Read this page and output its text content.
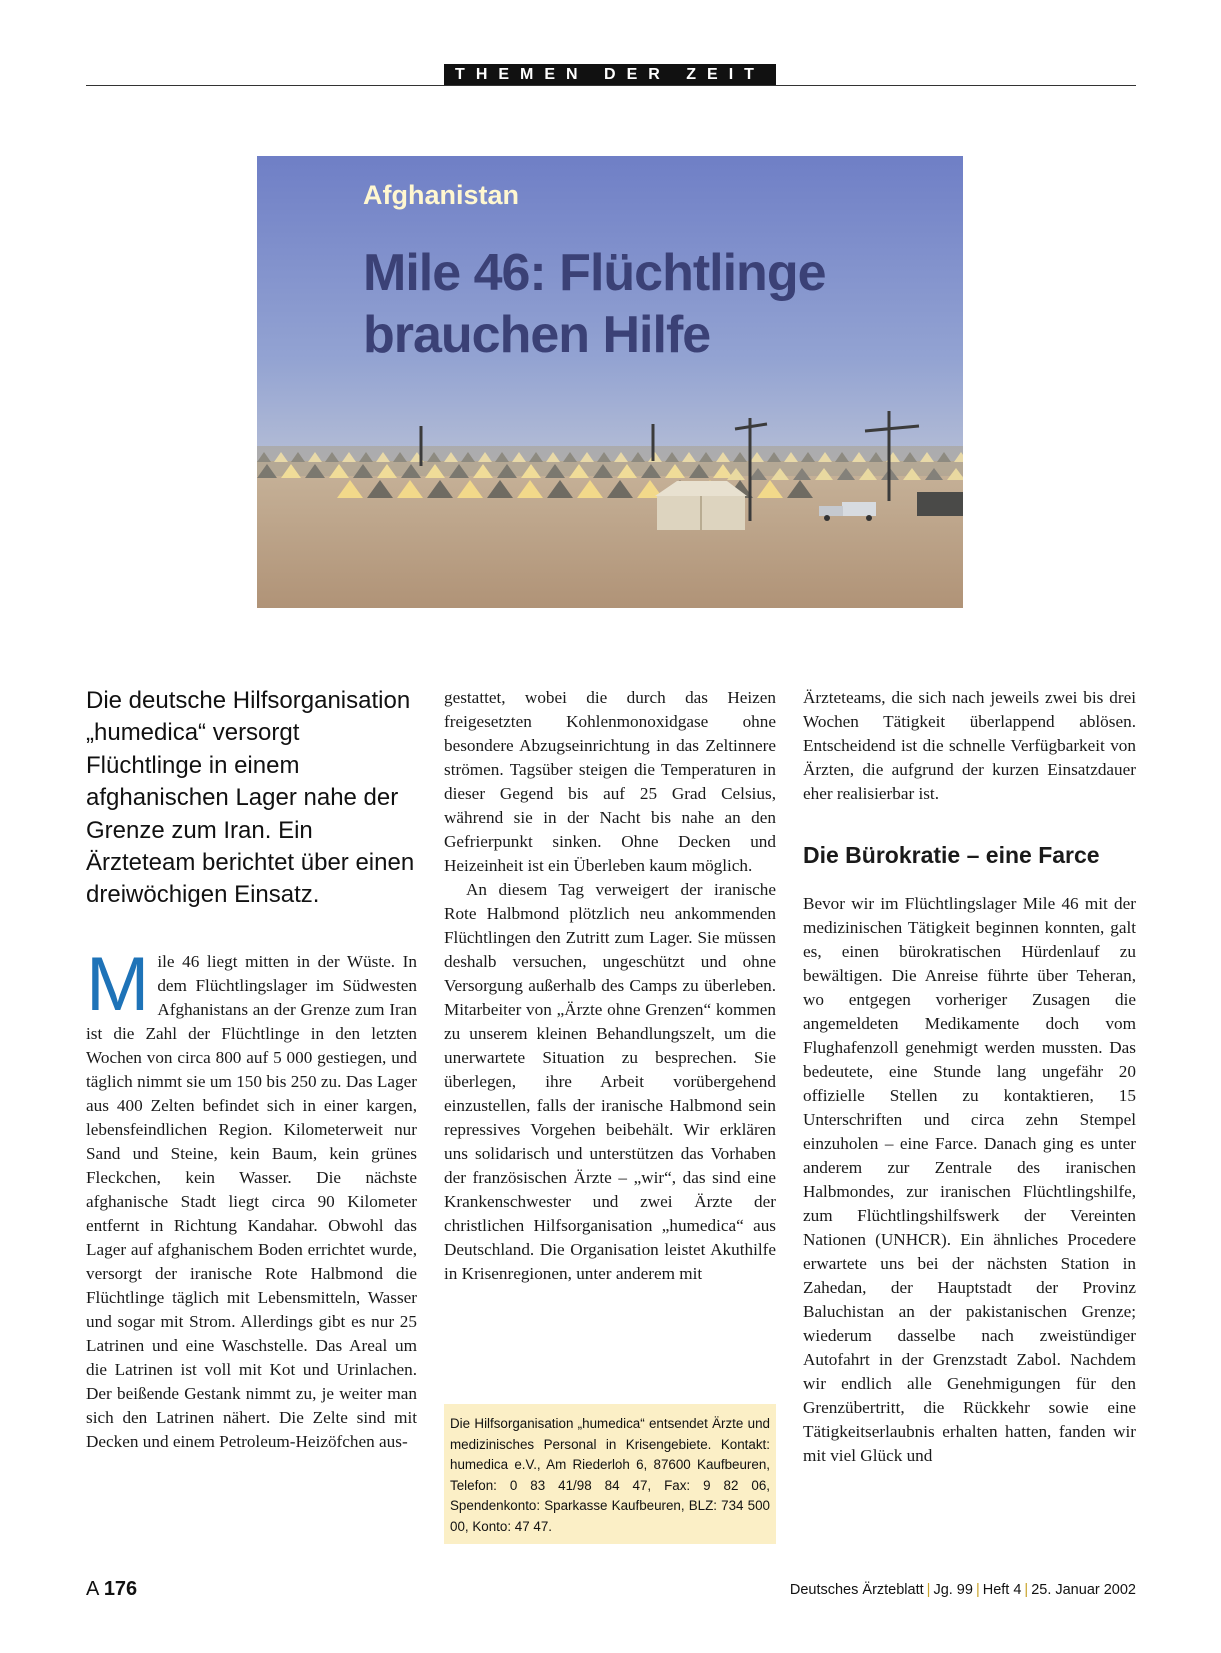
THEMEN DER ZEIT
Afghanistan
Mile 46: Flüchtlinge brauchen Hilfe
Die deutsche Hilfsorganisation „humedica“ versorgt Flüchtlinge in einem afghanischen Lager nahe der Grenze zum Iran. Ein Ärzteteam berichtet über einen dreiwöchigen Einsatz.

Mile 46 liegt mitten in der Wüste. In dem Flüchtlingslager im Südwesten Afghanistans an der Grenze zum Iran ist die Zahl der Flüchtlinge in den letzten Wochen von circa 800 auf 5 000 gestiegen, und täglich nimmt sie um 150 bis 250 zu. Das Lager aus 400 Zelten befindet sich in einer kargen, lebensfeindlichen Region. Kilometerweit nur Sand und Steine, kein Baum, kein grünes Fleckchen, kein Wasser. Die nächste afghanische Stadt liegt circa 90 Kilometer entfernt in Richtung Kandahar. Obwohl das Lager auf afghanischem Boden errichtet wurde, versorgt der iranische Rote Halbmond die Flüchtlinge täglich mit Lebensmitteln, Wasser und sogar mit Strom. Allerdings gibt es nur 25 Latrinen und eine Waschstelle. Das Areal um die Latrinen ist voll mit Kot und Urinlachen. Der beißende Gestank nimmt zu, je weiter man sich den Latrinen nähert. Die Zelte sind mit Decken und einem Petroleum-Heizöfchen aus-

gestattet, wobei die durch das Heizen freigesetzten Kohlenmonoxidgase ohne besondere Abzugseinrichtung in das Zeltinnere strömen. Tagsüber steigen die Temperaturen in dieser Gegend bis auf 25 Grad Celsius, während sie in der Nacht bis nahe an den Gefrierpunkt sinken. Ohne Decken und Heizeinheit ist ein Überleben kaum möglich.

An diesem Tag verweigert der iranische Rote Halbmond plötzlich neu ankommenden Flüchtlingen den Zutritt zum Lager. Sie müssen deshalb versuchen, ungeschützt und ohne Versorgung außerhalb des Camps zu überleben. Mitarbeiter von „Ärzte ohne Grenzen“ kommen zu unserem kleinen Behandlungszelt, um die unerwartete Situation zu besprechen. Sie überlegen, ihre Arbeit vorübergehend einzustellen, falls der iranische Halbmond sein repressives Vorgehen beibehält. Wir erklären uns solidarisch und unterstützen das Vorhaben der französischen Ärzte – „wir“, das sind eine Krankenschwester und zwei Ärzte der christlichen Hilfsorganisation „humedica“ aus Deutschland. Die Organisation leistet Akuthilfe in Krisenregionen, unter anderem mit

Die Hilfsorganisation „humedica“ entsendet Ärzte und medizinisches Personal in Krisengebiete. Kontakt: humedica e.V., Am Riederloh 6, 87600 Kaufbeuren, Telefon: 0 83 41/98 84 47, Fax: 9 82 06, Spendenkonto: Sparkasse Kaufbeuren, BLZ: 734 500 00, Konto: 47 47.

Ärzteteams, die sich nach jeweils zwei bis drei Wochen Tätigkeit überlappend ablösen. Entscheidend ist die schnelle Verfügbarkeit von Ärzten, die aufgrund der kurzen Einsatzdauer eher realisierbar ist.

Die Bürokratie – eine Farce

Bevor wir im Flüchtlingslager Mile 46 mit der medizinischen Tätigkeit beginnen konnten, galt es, einen bürokratischen Hürdenlauf zu bewältigen. Die Anreise führte über Teheran, wo entgegen vorheriger Zusagen die angemeldeten Medikamente doch vom Flughafenzoll genehmigt werden mussten. Das bedeutete, eine Stunde lang ungefähr 20 offizielle Stellen zu kontaktieren, 15 Unterschriften und circa zehn Stempel einzuholen – eine Farce. Danach ging es unter anderem zur Zentrale des iranischen Halbmondes, zur iranischen Flüchtlingshilfe, zum Flüchtlingshilfswerk der Vereinten Nationen (UNHCR). Ein ähnliches Procedere erwartete uns bei der nächsten Station in Zahedan, der Hauptstadt der Provinz Baluchistan an der pakistanischen Grenze; wiederum dasselbe nach zweistündiger Autofahrt in der Grenzstadt Zabol. Nachdem wir endlich alle Genehmigungen für den Grenzübertritt, die Rückkehr sowie eine Tätigkeitserlaubnis erhalten hatten, fanden wir mit viel Glück und

A 176	Deutsches Ärzteblatt | Jg. 99 | Heft 4 | 25. Januar 2002
